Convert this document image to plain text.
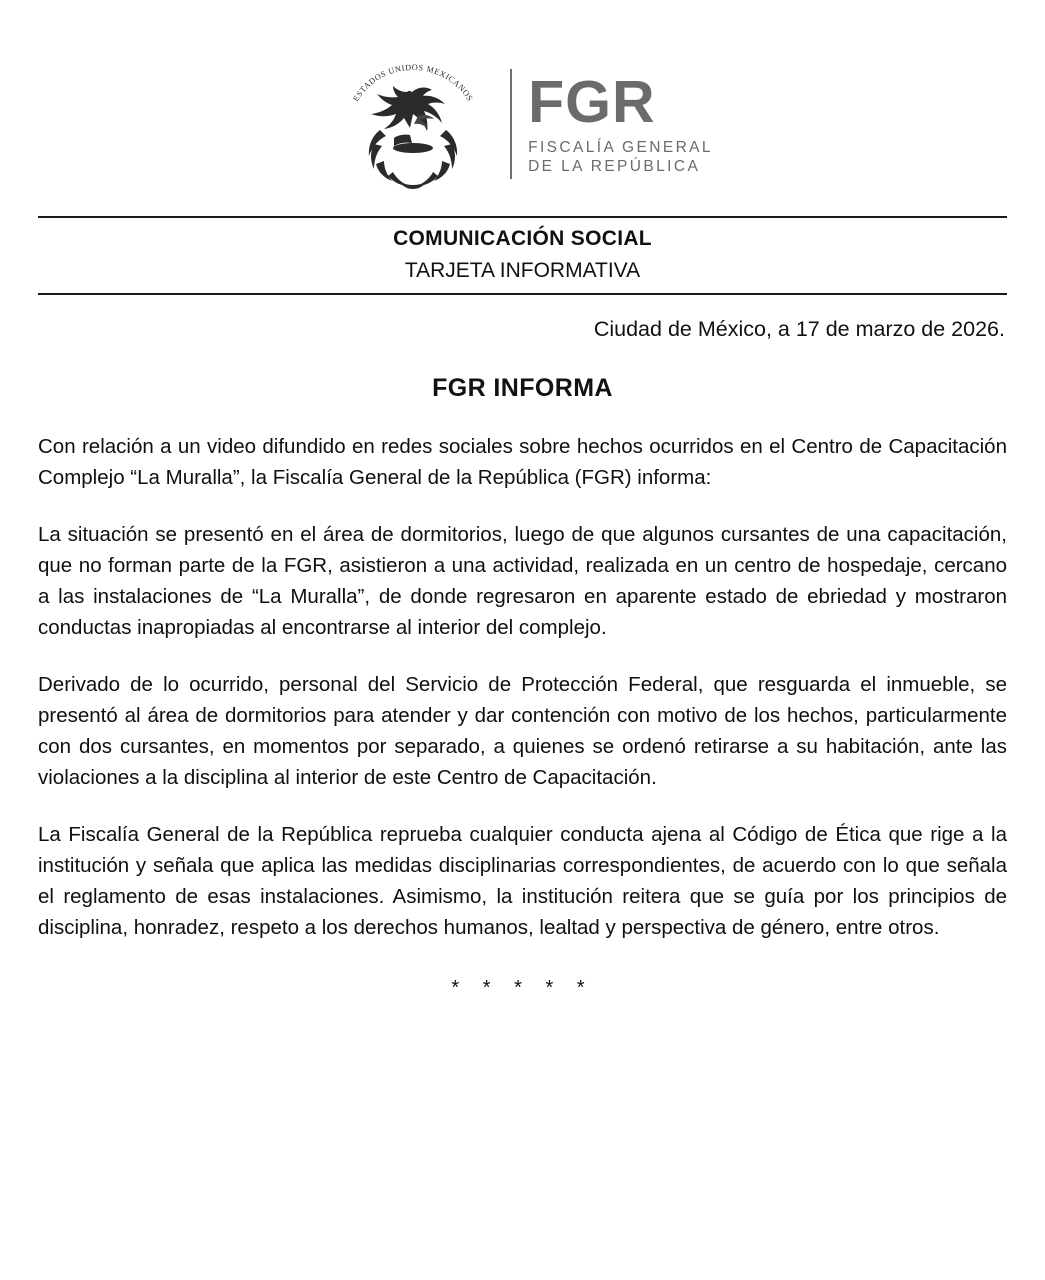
ESTADOS UNIDOS MEXICANOS FGR
FISCALÍA GENERAL
DE LA REPÚBLICA
COMUNICACIÓN SOCIAL
TARJETA INFORMATIVA
Ciudad de México, a 17 de marzo de 2026.
FGR INFORMA

Con relación a un video difundido en redes sociales sobre hechos ocurridos en el Centro de Capacitación Complejo “La Muralla”, la Fiscalía General de la República (FGR) informa:

La situación se presentó en el área de dormitorios, luego de que algunos cursantes de una capacitación, que no forman parte de la FGR, asistieron a una actividad, realizada en un centro de hospedaje, cercano a las instalaciones de “La Muralla”, de donde regresaron en aparente estado de ebriedad y mostraron conductas inapropiadas al encontrarse al interior del complejo.

Derivado de lo ocurrido, personal del Servicio de Protección Federal, que resguarda el inmueble, se presentó al área de dormitorios para atender y dar contención con motivo de los hechos, particularmente con dos cursantes, en momentos por separado, a quienes se ordenó retirarse a su habitación, ante las violaciones a la disciplina al interior de este Centro de Capacitación.

La Fiscalía General de la República reprueba cualquier conducta ajena al Código de Ética que rige a la institución y señala que aplica las medidas disciplinarias correspondientes, de acuerdo con lo que señala el reglamento de esas instalaciones. Asimismo, la institución reitera que se guía por los principios de disciplina, honradez, respeto a los derechos humanos, lealtad y perspectiva de género, entre otros.

* * * * *
